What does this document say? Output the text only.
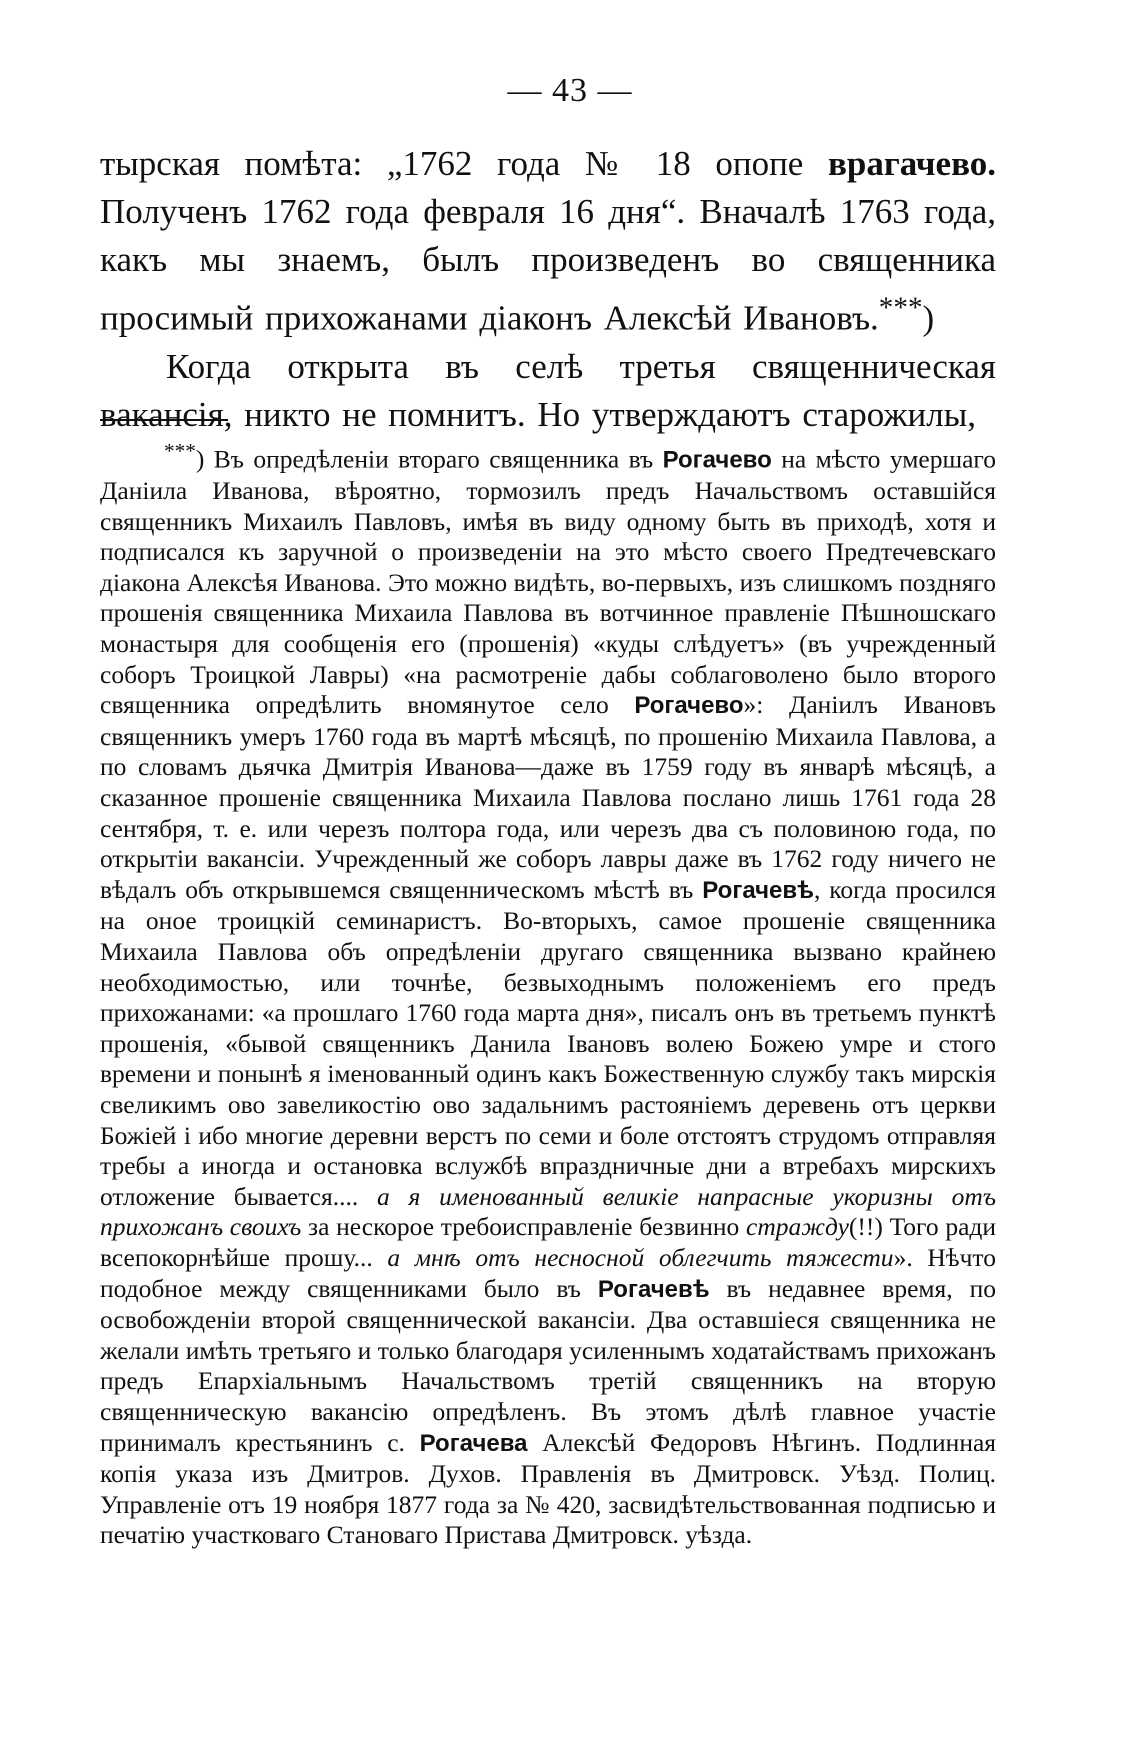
— 43 —

тырская помѣта: „1762 года № 18 опопе врагачево. Полученъ 1762 года февраля 16 дня“. Вначалѣ 1763 года, какъ мы знаемъ, былъ произведенъ во священника просимый прихожанами діаконъ Алексѣй Ивановъ.***)

Когда открыта въ селѣ третья священническая вакансія, никто не помнитъ. Но утверждаютъ старожилы,

***) Въ опредѣленіи втораго священника въ Рогачево на мѣсто умершаго Даніила Иванова, вѣроятно, тормозилъ предъ Начальствомъ оставшійся священникъ Михаилъ Павловъ, имѣя въ виду одному быть въ приходѣ, хотя и подписался къ заручной о произведеніи на это мѣсто своего Предтечевскаго діакона Алексѣя Иванова. Это можно видѣть, во-первыхъ, изъ слишкомъ поздняго прошенія священника Михаила Павлова въ вотчинное правленіе Пѣшношскаго монастыря для сообщенія его (прошенія) «куды слѣдуетъ» (въ учрежденный соборъ Троицкой Лавры) «на расмотреніе дабы соблаговолено было второго священника опредѣлить вномянутое село Рогачево»: Даніилъ Ивановъ священникъ умеръ 1760 года въ мартѣ мѣсяцѣ, по прошенію Михаила Павлова, а по словамъ дьячка Дмитрія Иванова—даже въ 1759 году въ январѣ мѣсяцѣ, а сказанное прошеніе священника Михаила Павлова послано лишь 1761 года 28 сентября, т. е. или черезъ полтора года, или черезъ два съ половиною года, по открытіи вакансіи. Учрежденный же соборъ лавры даже въ 1762 году ничего не вѣдалъ объ открывшемся священническомъ мѣстѣ въ Рогачевѣ, когда просился на оное троицкій семинаристъ. Во-вторыхъ, самое прошеніе священника Михаила Павлова объ опредѣленіи другаго священника вызвано крайнею необходимостью, или точнѣе, безвыходнымъ положеніемъ его предъ прихожанами: «а прошлаго 1760 года марта дня», писалъ онъ въ третьемъ пунктѣ прошенія, «бывой священникъ Данила Івановъ волею Божею умре и стого времени и понынѣ я іменованный одинъ какъ Божественную службу такъ мирскія свеликимъ ово завеликостію ово задальнимъ растояніемъ деревень отъ церкви Божіей і ибо многие деревни верстъ по семи и боле отстоятъ струдомъ отправляя требы а иногда и остановка вслужбѣ впраздничные дни а втребахъ мирскихъ отложение бывается.... а я именованный великіе напрасные укоризны отъ прихожанъ своихъ за нескорое требоисправленіе безвинно стражду(!!) Того ради всепокорнѣйше прошу... а мнѣ отъ несносной облегчить тяжести». Нѣчто подобное между священниками было въ Рогачевѣ въ недавнее время, по освобожденіи второй священнической вакансіи. Два оставшіеся священника не желали имѣть третьяго и только благодаря усиленнымъ ходатайствамъ прихожанъ предъ Епархіальнымъ Начальствомъ третій священникъ на вторую священническую вакансію опредѣленъ. Въ этомъ дѣлѣ главное участіе принималъ крестьянинъ с. Рогачева Алексѣй Федоровъ Нѣгинъ. Подлинная копія указа изъ Дмитров. Духов. Правленія въ Дмитровск. Уѣзд. Полиц. Управленіе отъ 19 ноября 1877 года за № 420, засвидѣтельствованная подписью и печатію участковаго Становаго Пристава Дмитровск. уѣзда.
